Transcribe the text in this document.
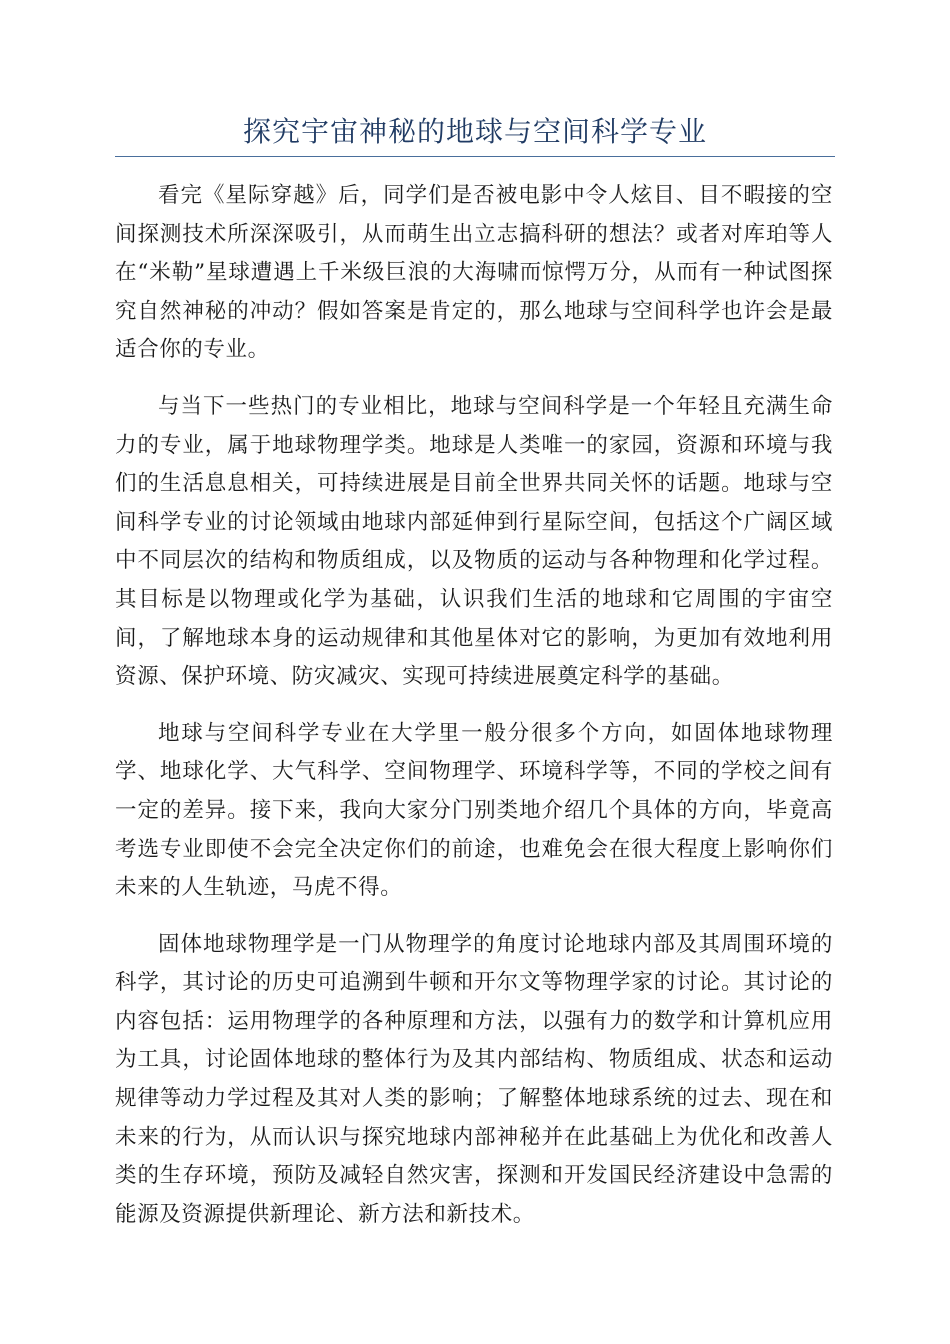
探究宇宙神秘的地球与空间科学专业

看完《星际穿越》后，同学们是否被电影中令人炫目、目不暇接的空间探测技术所深深吸引，从而萌生出立志搞科研的想法？或者对库珀等人在“米勒”星球遭遇上千米级巨浪的大海啸而惊愕万分，从而有一种试图探究自然神秘的冲动？假如答案是肯定的，那么地球与空间科学也许会是最适合你的专业。

与当下一些热门的专业相比，地球与空间科学是一个年轻且充满生命力的专业，属于地球物理学类。地球是人类唯一的家园，资源和环境与我们的生活息息相关，可持续进展是目前全世界共同关怀的话题。地球与空间科学专业的讨论领域由地球内部延伸到行星际空间，包括这个广阔区域中不同层次的结构和物质组成，以及物质的运动与各种物理和化学过程。其目标是以物理或化学为基础，认识我们生活的地球和它周围的宇宙空间，了解地球本身的运动规律和其他星体对它的影响，为更加有效地利用资源、保护环境、防灾减灾、实现可持续进展奠定科学的基础。

地球与空间科学专业在大学里一般分很多个方向，如固体地球物理学、地球化学、大气科学、空间物理学、环境科学等，不同的学校之间有一定的差异。接下来，我向大家分门别类地介绍几个具体的方向，毕竟高考选专业即使不会完全决定你们的前途，也难免会在很大程度上影响你们未来的人生轨迹，马虎不得。

固体地球物理学是一门从物理学的角度讨论地球内部及其周围环境的科学，其讨论的历史可追溯到牛顿和开尔文等物理学家的讨论。其讨论的内容包括：运用物理学的各种原理和方法，以强有力的数学和计算机应用为工具，讨论固体地球的整体行为及其内部结构、物质组成、状态和运动规律等动力学过程及其对人类的影响；了解整体地球系统的过去、现在和未来的行为，从而认识与探究地球内部神秘并在此基础上为优化和改善人类的生存环境，预防及减轻自然灾害，探测和开发国民经济建设中急需的能源及资源提供新理论、新方法和新技术。
